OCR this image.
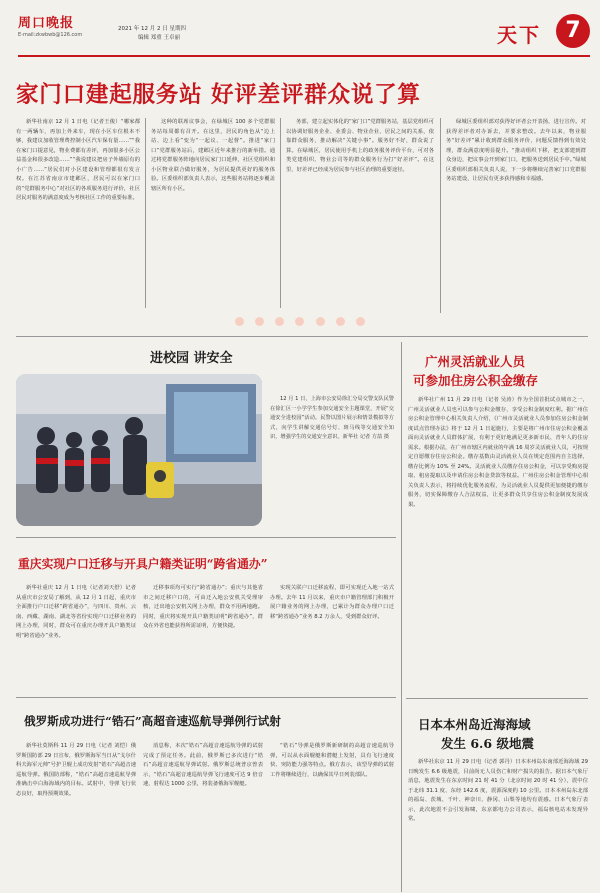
周口晚报
E-mail:zkwbwb@126.com
2021 年 12 月 2 日 星期四
编辑 郑重 王卓丽	天下	7
家门口建起服务站 好评差评群众说了算

新华社南京 12 月 1 日电（记者王俊）“哪家都有一两辆车，再加上外来车，现在小区车位根本不够，我建议加收管理费控制小区汽车保有量……”“我在家门口提意见，物业费都有差评，再加很多小区公益基金和很多改造……”“我说建议把房子外墙原有的小广告……”居民们对小区建设和管理都很有发言权。在江苏省南京市建邺区，居民可以在家门口的“党群服务中心”对社区的各项服务进行评价，社区居民对服务的满意度成为考核社区工作的重要标准。

这种的联席议事会，在绿城区 100 多个党群服务站每周都有召开。在这里，居民的角色从“边上站、边上看”变为“一起议、一起督”。推进“家门口”党群服务站后，建邺区近年来推行的新举措。通过将党群服务阵地向居民家门口延伸，社区党组织和小区物业联合做好服务，为居民提供更好的服务体验。区委组织部负责人表示，这些服务站将逐步覆盖辖区所有小区。

务部，建立起实体化的“家门口”党群服务站，基层党组织可以协调好服务企业、业委会、物业企业、居民之间的关系，依靠群众服务，推动解决“关键小事”。服务好不好，群众说了算。在绿城区，居民使用手机上的政务服务评价平台，可对各类党建组织、物业公司等的群众服务行为打“好差评”。在这里，好差评已经成为居民参与社区治理的重要途径。

绿城区委组织部对获得好评者公开表扬，进行宣传。对获得差评者对办诉去，并要求整改。去年以来，物业服务“好差评”累计收到群众服务评价，问题反馈得到有效处理，群众满意度明显提升。“推动组织下移，把支部建到群众身边，把议事会开到家门口，把服务送到居民手中。”绿城区委组织部相关负责人说，下一步将继续完善家门口党群服务站建设，让居民有更多获得感和幸福感。

进校园 讲安全

12 月 1 日，上海市公安局徐汇分局交警支队民警在徐汇区一小学学生参加交通安全主题课堂，开展“交通安全进校园”活动。民警以图片展示和情景模拟等方式，向学生讲解交通信号灯、斑马线等交通安全知识，增强学生的交通安全意识。新华社 记者 方喆 摄

重庆实现户口迁移与开具户籍类证明“跨省通办”

新华社重庆 12 月 1 日电（记者刘天舒）记者从重庆市公安局了解到，从 12 月 1 日起，重庆市全面推行户口迁移“跨省通办”，与四川、贵州、云南、西藏、湖南、湖北等省份实现户口迁移业务的网上办理，同时，群众可在重庆办理开具户籍类证明“跨省通办”业务。

迁移事项均可实行“跨省通办”；重庆与其他省市之间迁移户口的，可由迁入地公安机关受理审核，迁出地公安机关网上办理，群众不用两地跑。同时，重庆将实现开具户籍类证明“跨省通办”，群众在外省也能获得所需证明，方便快捷。

实现关联户口迁移流程，即可实现迁入地一站式办理。去年 11 月以来，重庆市户籍管理部门积极开展户籍业务的网上办理，已累计为群众办理户口迁移“跨省通办”业务 8.2 万余人，受到群众好评。

俄罗斯成功进行“锆石”高超音速巡航导弹例行试射

新华社莫斯科 11 月 29 日电（记者 刘恺）俄罗斯国防部 29 日宣布，俄罗斯海军当日从“戈尔什科夫海军元帅”号护卫舰上成功发射“锆石”高超音速巡航导弹。俄国防部称，“锆石”高超音速巡航导弹准确击中白海海域内的目标。试射中，导弹飞行状态良好，取得预期效果。

消息称，本次“锆石”高超音速巡航导弹的试射完成了预定任务。此前，俄罗斯已多次进行“锆石”高超音速巡航导弹试射。俄罗斯总统普京曾表示，“锆石”高超音速巡航导弹飞行速度可达 9 倍音速，射程达 1000 公里，将装备俄海军舰艇。

“锆石”导弹是俄罗斯新研制的高超音速巡航导弹，可以从水面舰艇和潜艇上发射，具有飞行速度快、突防能力强等特点。俄方表示，该型导弹的试射工作将继续进行，以确保其早日列装部队。

广州灵活就业人员
可参加住房公积金缴存

新华社广州 11 月 29 日电（记者 吴涛）作为全国首批试点城市之一，广州灵活就业人员也可以参与公积金缴存，享受公积金制度红利。据广州住房公积金管理中心相关负责人介绍，《广州市灵活就业人员参加住房公积金制度试点管理办法》将于 12 月 1 日起施行，主要是将广州市住房公积金覆盖面向灵活就业人员群体扩展，有利于更好地满足更多新市民、青年人的住房需求。根据办法，在广州市辖区内就业的年满 16 周岁灵活就业人员，可按规定自愿缴存住房公积金。缴存基数由灵活就业人员在规定范围内自主选择，缴存比例为 10% 至 24%。灵活就业人员缴存住房公积金，可以享受购房提取、租房提取以及申请住房公积金贷款等权益。广州住房公积金管理中心相关负责人表示，将持续优化服务流程，为灵活就业人员提供更加便捷的缴存服务，切实保障缴存人合法权益，让更多群众共享住房公积金制度发展成果。

日本本州岛近海海域
发生 6.6 级地震

新华社东京 11 月 29 日电（记者 郭丹）日本本州岛东南部近海海域 29 日晚发生 6.6 级地震，目前尚无人员伤亡和财产损失的报告。据日本气象厅消息，地震发生在东京时间 21 时 41 分（北京时间 20 时 41 分），震中位于北纬 31.1 度、东经 142.6 度，震源深度约 10 公里。日本本州岛东北部的福岛、茨城、千叶、神奈川、静冈、山梨等地均有震感。日本气象厅表示，此次地震不会引发海啸，东京都电力公司表示，福岛核电站未发现异常。
